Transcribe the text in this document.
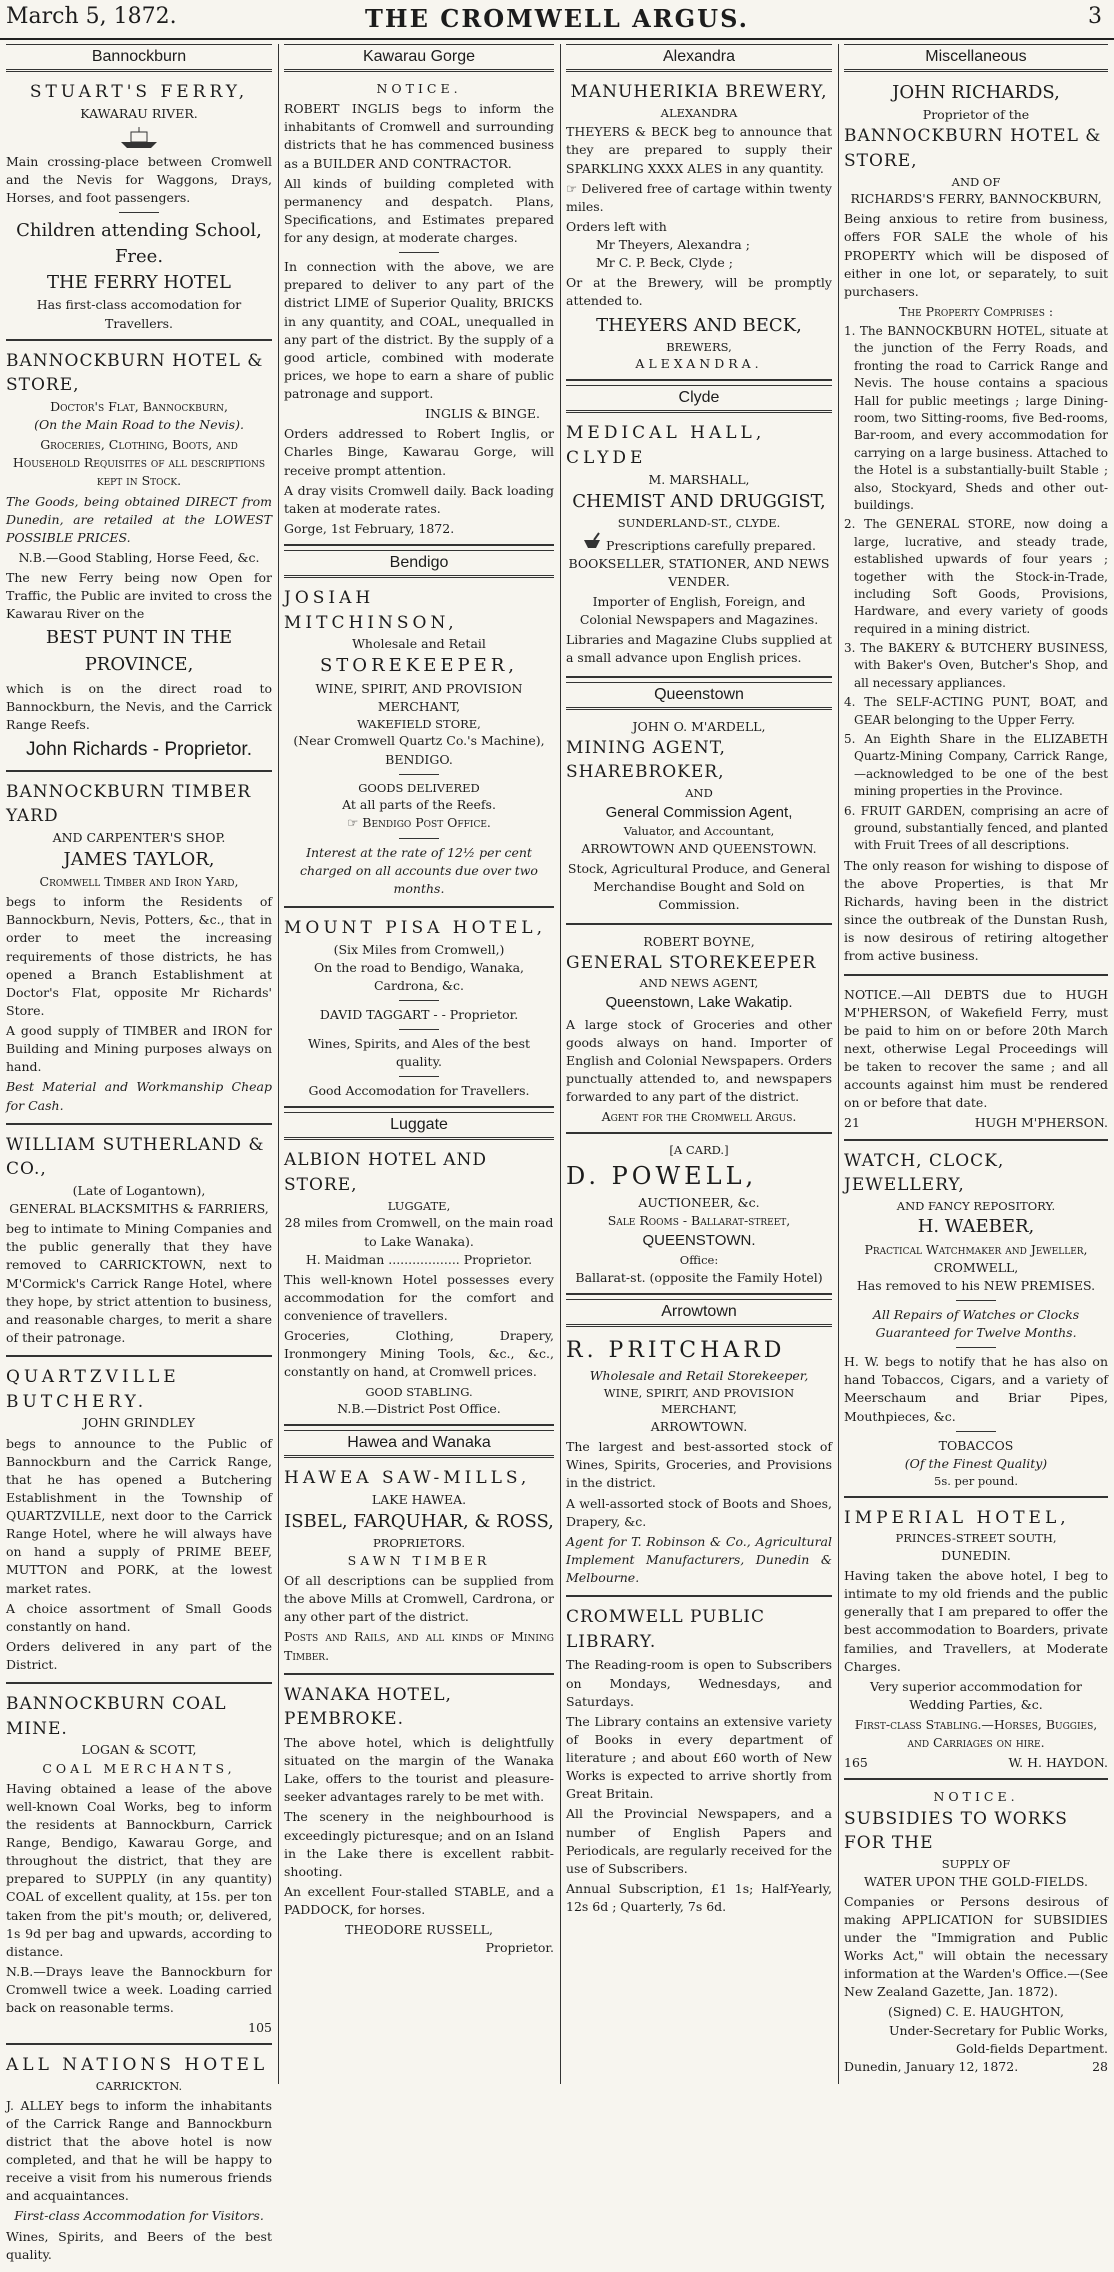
March 5, 1872.	THE CROMWELL ARGUS.	3
Bannockburn
STUART'S FERRY,
KAWARAU RIVER.

Main crossing-place between Cromwell and the Nevis for Waggons, Drays, Horses, and foot passengers.

Children attending School, Free.
THE FERRY HOTEL
Has first-class accomodation for Travellers.
BANNOCKBURN HOTEL & STORE,
Doctor's Flat, Bannockburn,
(On the Main Road to the Nevis).

Groceries, Clothing, Boots, and Household Requisites of all descriptions kept in Stock.

The Goods, being obtained DIRECT from Dunedin, are retailed at the LOWEST POSSIBLE PRICES.

N.B.—Good Stabling, Horse Feed, &c.

The new Ferry being now Open for Traffic, the Public are invited to cross the Kawarau River on the

BEST PUNT IN THE PROVINCE,

which is on the direct road to Bannockburn, the Nevis, and the Carrick Range Reefs.

John Richards - Proprietor.
BANNOCKBURN TIMBER YARD
AND CARPENTER'S SHOP.
JAMES TAYLOR,
Cromwell Timber and Iron Yard,

begs to inform the Residents of Bannockburn, Nevis, Potters, &c., that in order to meet the increasing requirements of those districts, he has opened a Branch Establishment at Doctor's Flat, opposite Mr Richards' Store.

A good supply of TIMBER and IRON for Building and Mining purposes always on hand.

Best Material and Workmanship Cheap for Cash.

WILLIAM SUTHERLAND & CO.,
(Late of Logantown),
GENERAL BLACKSMITHS & FARRIERS,

beg to intimate to Mining Companies and the public generally that they have removed to CARRICKTOWN, next to M'Cormick's Carrick Range Hotel, where they hope, by strict attention to business, and reasonable charges, to merit a share of their patronage.

QUARTZVILLE BUTCHERY.
JOHN GRINDLEY

begs to announce to the Public of Bannockburn and the Carrick Range, that he has opened a Butchering Establishment in the Township of QUARTZVILLE, next door to the Carrick Range Hotel, where he will always have on hand a supply of PRIME BEEF, MUTTON and PORK, at the lowest market rates.

A choice assortment of Small Goods constantly on hand.

Orders delivered in any part of the District.

BANNOCKBURN COAL MINE.
LOGAN & SCOTT,
COAL MERCHANTS,

Having obtained a lease of the above well-known Coal Works, beg to inform the residents at Bannockburn, Carrick Range, Bendigo, Kawarau Gorge, and throughout the district, that they are prepared to SUPPLY (in any quantity) COAL of excellent quality, at 15s. per ton taken from the pit's mouth; or, delivered, 1s 9d per bag and upwards, according to distance.

N.B.—Drays leave the Bannockburn for Cromwell twice a week. Loading carried back on reasonable terms.

105
ALL NATIONS HOTEL
CARRICKTON.

J. ALLEY begs to inform the inhabitants of the Carrick Range and Bannockburn district that the above hotel is now completed, and that he will be happy to receive a visit from his numerous friends and acquaintances.

First-class Accommodation for Visitors.

Wines, Spirits, and Beers of the best quality.

Kawarau Gorge
NOTICE.

ROBERT INGLIS begs to inform the inhabitants of Cromwell and surrounding districts that he has commenced business as a BUILDER AND CONTRACTOR.

All kinds of building completed with permanency and despatch. Plans, Specifications, and Estimates prepared for any design, at moderate charges.

In connection with the above, we are prepared to deliver to any part of the district LIME of Superior Quality, BRICKS in any quantity, and COAL, unequalled in any part of the district. By the supply of a good article, combined with moderate prices, we hope to earn a share of public patronage and support.

INGLIS & BINGE.

Orders addressed to Robert Inglis, or Charles Binge, Kawarau Gorge, will receive prompt attention.

A dray visits Cromwell daily. Back loading taken at moderate rates.

Gorge, 1st February, 1872.
Bendigo
JOSIAH MITCHINSON,
Wholesale and Retail
STOREKEEPER,
WINE, SPIRIT, AND PROVISION MERCHANT,
WAKEFIELD STORE,
(Near Cromwell Quartz Co.'s Machine),
BENDIGO.
GOODS DELIVERED
At all parts of the Reefs.
☞ Bendigo Post Office.

Interest at the rate of 12½ per cent charged on all accounts due over two months.

MOUNT PISA HOTEL,
(Six Miles from Cromwell,)
On the road to Bendigo, Wanaka, Cardrona, &c.
DAVID TAGGART - - Proprietor.
Wines, Spirits, and Ales of the best quality.
Good Accomodation for Travellers.
Luggate
ALBION HOTEL AND STORE,
LUGGATE,
28 miles from Cromwell, on the main road to Lake Wanaka).
H. Maidman .................. Proprietor.

This well-known Hotel possesses every accommodation for the comfort and convenience of travellers.

Groceries, Clothing, Drapery, Ironmongery Mining Tools, &c., &c., constantly on hand, at Cromwell prices.

GOOD STABLING.
N.B.—District Post Office.
Hawea and Wanaka
HAWEA SAW-MILLS,
LAKE HAWEA.
ISBEL, FARQUHAR, & ROSS,
PROPRIETORS.
SAWN TIMBER

Of all descriptions can be supplied from the above Mills at Cromwell, Cardrona, or any other part of the district.

Posts and Rails, and all kinds of Mining Timber.

WANAKA HOTEL, PEMBROKE.

The above hotel, which is delightfully situated on the margin of the Wanaka Lake, offers to the tourist and pleasure-seeker advantages rarely to be met with.

The scenery in the neighbourhood is exceedingly picturesque; and on an Island in the Lake there is excellent rabbit-shooting.

An excellent Four-stalled STABLE, and a PADDOCK, for horses.

THEODORE RUSSELL,
Proprietor.
Alexandra
MANUHERIKIA BREWERY,
ALEXANDRA

THEYERS & BECK beg to announce that they are prepared to supply their SPARKLING XXXX ALES in any quantity.

☞ Delivered free of cartage within twenty miles.

Orders left with
Mr Theyers, Alexandra ;
Mr C. P. Beck, Clyde ;

Or at the Brewery, will be promptly attended to.

THEYERS AND BECK,
BREWERS,
ALEXANDRA.
Clyde
MEDICAL HALL, CLYDE
M. MARSHALL,
CHEMIST AND DRUGGIST,
SUNDERLAND-ST., CLYDE.
Prescriptions carefully prepared.
BOOKSELLER, STATIONER, AND NEWS VENDER.

Importer of English, Foreign, and Colonial Newspapers and Magazines.

Libraries and Magazine Clubs supplied at a small advance upon English prices.

Queenstown
JOHN O. M'ARDELL,
MINING AGENT, SHAREBROKER,
AND
General Commission Agent,
Valuator, and Accountant,
ARROWTOWN AND QUEENSTOWN.

Stock, Agricultural Produce, and General Merchandise Bought and Sold on Commission.

ROBERT BOYNE,
GENERAL STOREKEEPER
AND NEWS AGENT,
Queenstown, Lake Wakatip.

A large stock of Groceries and other goods always on hand. Importer of English and Colonial Newspapers. Orders punctually attended to, and newspapers forwarded to any part of the district.

Agent for the Cromwell Argus.
[A CARD.]
D. POWELL,
AUCTIONEER, &c.
Sale Rooms - Ballarat-street,
QUEENSTOWN.
Office:
Ballarat-st. (opposite the Family Hotel)
Arrowtown
R. PRITCHARD
Wholesale and Retail Storekeeper,
WINE, SPIRIT, AND PROVISION MERCHANT,
ARROWTOWN.

The largest and best-assorted stock of Wines, Spirits, Groceries, and Provisions in the district.

A well-assorted stock of Boots and Shoes, Drapery, &c.

Agent for T. Robinson & Co., Agricultural Implement Manufacturers, Dunedin & Melbourne.

CROMWELL PUBLIC LIBRARY.

The Reading-room is open to Subscribers on Mondays, Wednesdays, and Saturdays.

The Library contains an extensive variety of Books in every department of literature ; and about £60 worth of New Works is expected to arrive shortly from Great Britain.

All the Provincial Newspapers, and a number of English Papers and Periodicals, are regularly received for the use of Subscribers.

Annual Subscription, £1 1s; Half-Yearly, 12s 6d ; Quarterly, 7s 6d.

Miscellaneous
JOHN RICHARDS,
Proprietor of the
BANNOCKBURN HOTEL & STORE,
AND OF
RICHARDS'S FERRY, BANNOCKBURN,

Being anxious to retire from business, offers FOR SALE the whole of his PROPERTY which will be disposed of either in one lot, or separately, to suit purchasers.

The Property Comprises :

1. The BANNOCKBURN HOTEL, situate at the junction of the Ferry Roads, and fronting the road to Carrick Range and Nevis. The house contains a spacious Hall for public meetings ; large Dining-room, two Sitting-rooms, five Bed-rooms, Bar-room, and every accommodation for carrying on a large business. Attached to the Hotel is a substantially-built Stable ; also, Stockyard, Sheds and other out-buildings.

2. The GENERAL STORE, now doing a large, lucrative, and steady trade, established upwards of four years ; together with the Stock-in-Trade, including Soft Goods, Provisions, Hardware, and every variety of goods required in a mining district.

3. The BAKERY & BUTCHERY BUSINESS, with Baker's Oven, Butcher's Shop, and all necessary appliances.

4. The SELF-ACTING PUNT, BOAT, and GEAR belonging to the Upper Ferry.

5. An Eighth Share in the ELIZABETH Quartz-Mining Company, Carrick Range,—acknowledged to be one of the best mining properties in the Province.

6. FRUIT GARDEN, comprising an acre of ground, substantially fenced, and planted with Fruit Trees of all descriptions.

The only reason for wishing to dispose of the above Properties, is that Mr Richards, having been in the district since the outbreak of the Dunstan Rush, is now desirous of retiring altogether from active business.

NOTICE.—All DEBTS due to HUGH M'PHERSON, of Wakefield Ferry, must be paid to him on or before 20th March next, otherwise Legal Proceedings will be taken to recover the same ; and all accounts against him must be rendered on or before that date.

21	HUGH M'PHERSON.
WATCH, CLOCK, JEWELLERY,
AND FANCY REPOSITORY.
H. WAEBER,
Practical Watchmaker and Jeweller,
CROMWELL,
Has removed to his NEW PREMISES.

All Repairs of Watches or Clocks Guaranteed for Twelve Months.

H. W. begs to notify that he has also on hand Tobaccos, Cigars, and a variety of Meerschaum and Briar Pipes, Mouthpieces, &c.

TOBACCOS
(Of the Finest Quality)
5s. per pound.
IMPERIAL HOTEL,
PRINCES-STREET SOUTH,
DUNEDIN.

Having taken the above hotel, I beg to intimate to my old friends and the public generally that I am prepared to offer the best accommodation to Boarders, private families, and Travellers, at Moderate Charges.

Very superior accommodation for Wedding Parties, &c.

First-class Stabling.—Horses, Buggies, and Carriages on hire.

165	W. H. HAYDON.
NOTICE.
SUBSIDIES TO WORKS FOR THE
SUPPLY OF
WATER UPON THE GOLD-FIELDS.

Companies or Persons desirous of making APPLICATION for SUBSIDIES under the "Immigration and Public Works Act," will obtain the necessary information at the Warden's Office.—(See New Zealand Gazette, Jan. 1872).

(Signed) C. E. HAUGHTON,
Under-Secretary for Public Works,
Gold-fields Department.
Dunedin, January 12, 1872.	28
